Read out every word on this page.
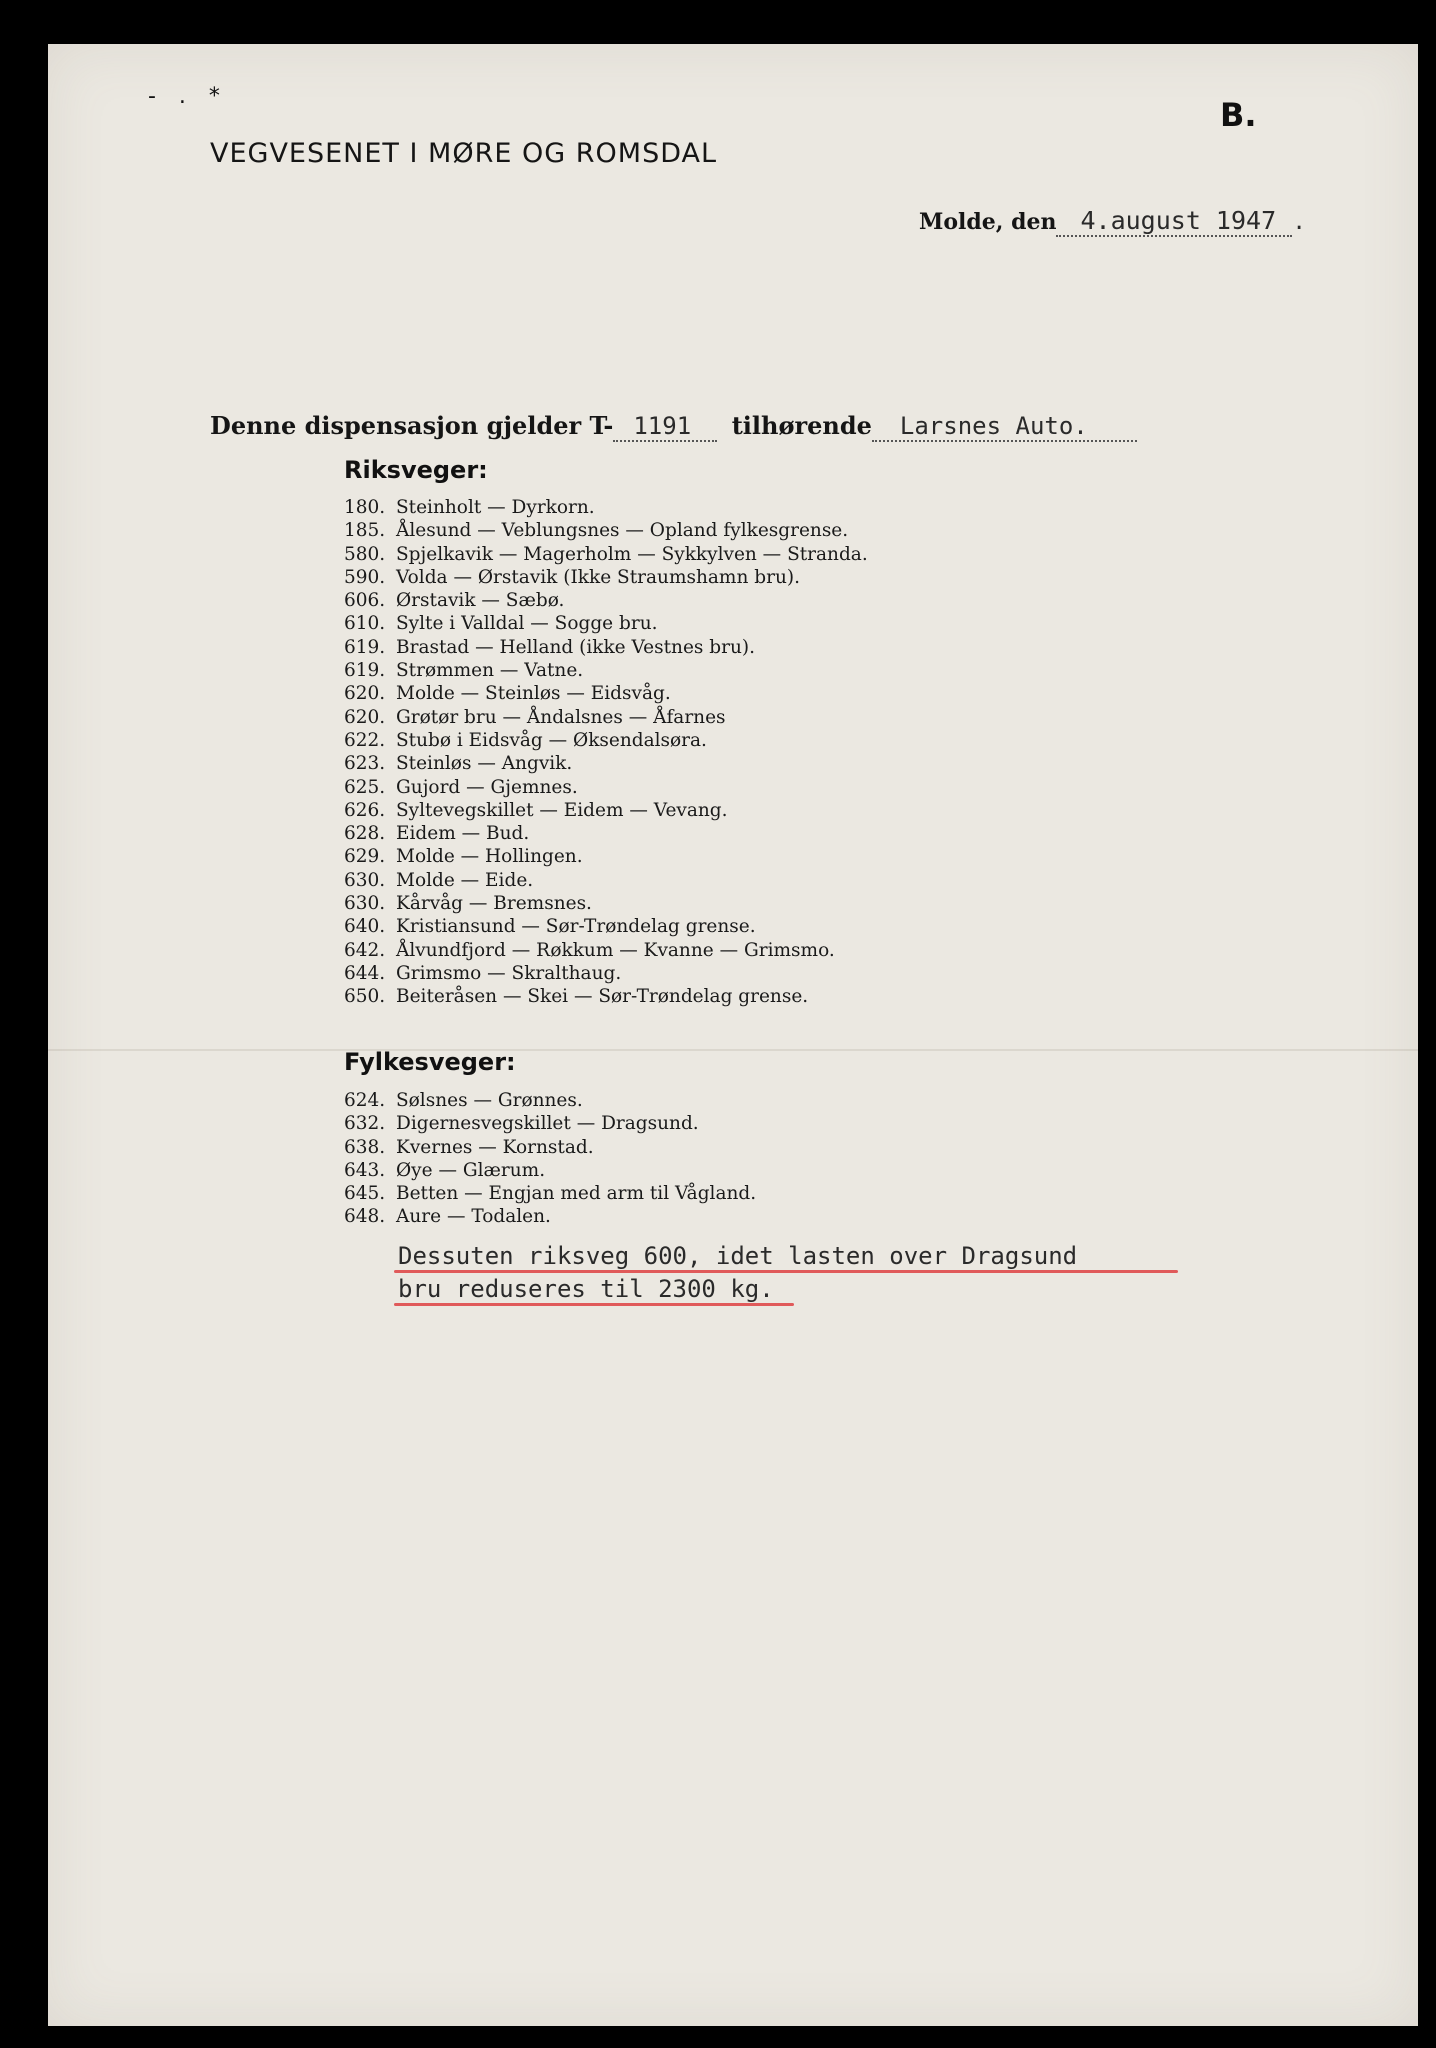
- . *	B.
VEGVESENET I MØRE OG ROMSDAL
Molde, den 4.august 1947 .
Denne dispensasjon gjelder T- 1191 tilhørende Larsnes Auto.
Riksveger:
180. Steinholt — Dyrkorn.
185. Ålesund — Veblungsnes — Opland fylkesgrense.
580. Spjelkavik — Magerholm — Sykkylven — Stranda.
590. Volda — Ørstavik (Ikke Straumshamn bru).
606. Ørstavik — Sæbø.
610. Sylte i Valldal — Sogge bru.
619. Brastad — Helland (ikke Vestnes bru).
619. Strømmen — Vatne.
620. Molde — Steinløs — Eidsvåg.
620. Grøtør bru — Åndalsnes — Åfarnes
622. Stubø i Eidsvåg — Øksendalsøra.
623. Steinløs — Angvik.
625. Gujord — Gjemnes.
626. Syltevegskillet — Eidem — Vevang.
628. Eidem — Bud.
629. Molde — Hollingen.
630. Molde — Eide.
630. Kårvåg — Bremsnes.
640. Kristiansund — Sør-Trøndelag grense.
642. Ålvundfjord — Røkkum — Kvanne — Grimsmo.
644. Grimsmo — Skralthaug.
650. Beiteråsen — Skei — Sør-Trøndelag grense.
Fylkesveger:
624. Sølsnes — Grønnes.
632. Digernesvegskillet — Dragsund.
638. Kvernes — Kornstad.
643. Øye — Glærum.
645. Betten — Engjan med arm til Vågland.
648. Aure — Todalen.
Dessuten riksveg 600, idet lasten over Dragsund
bru reduseres til 2300 kg.
